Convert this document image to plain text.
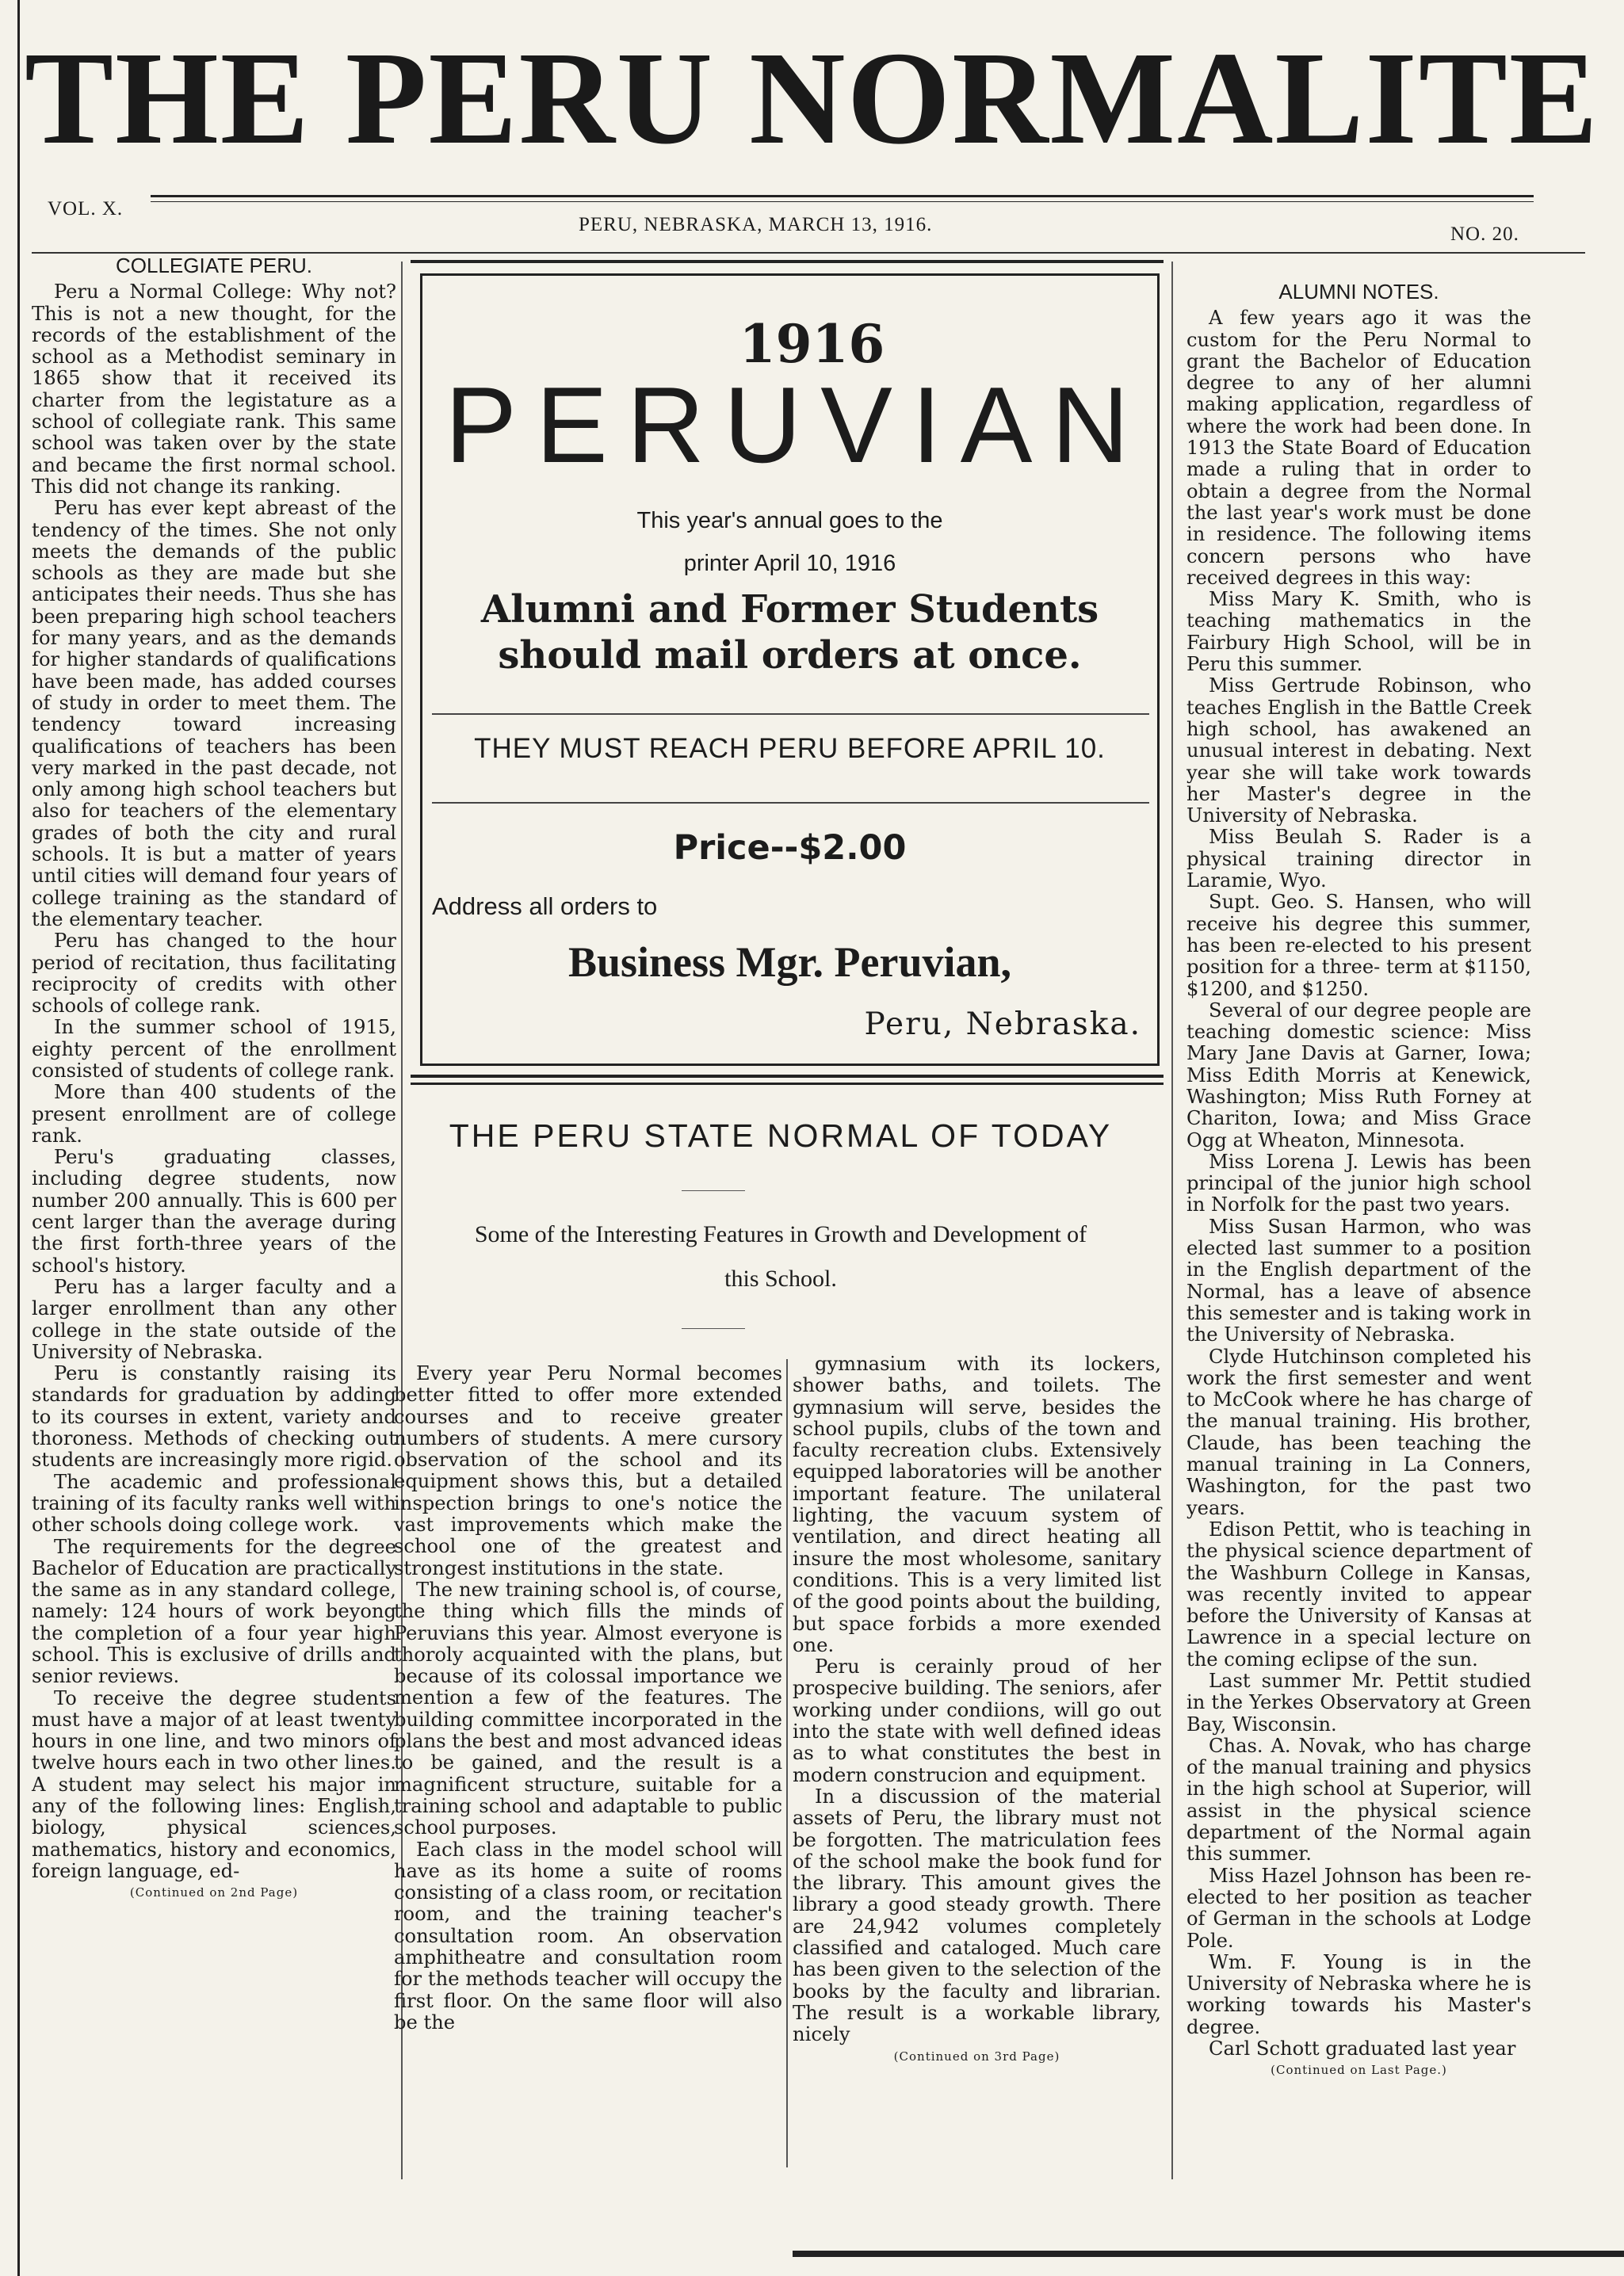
THE PERU NORMALITE
VOL. X.
PERU, NEBRASKA, MARCH 13, 1916.	NO. 20.
COLLEGIATE PERU.

Peru a Normal College: Why not? This is not a new thought, for the records of the establishment of the school as a Methodist seminary in 1865 show that it received its charter from the legistature as a school of collegiate rank. This same school was taken over by the state and became the first normal school. This did not change its ranking.

Peru has ever kept abreast of the tendency of the times. She not only meets the demands of the public schools as they are made but she anticipates their needs. Thus she has been preparing high school teachers for many years, and as the demands for higher standards of qualifications have been made, has added courses of study in order to meet them. The tendency toward increasing qualifications of teachers has been very marked in the past decade, not only among high school teachers but also for teachers of the elementary grades of both the city and rural schools. It is but a matter of years until cities will demand four years of college training as the standard of the elementary teacher.

Peru has changed to the hour period of recitation, thus facilitating reciprocity of credits with other schools of college rank.

In the summer school of 1915, eighty percent of the enrollment consisted of students of college rank.

More than 400 students of the present enrollment are of college rank.

Peru's graduating classes, including degree students, now number 200 annually. This is 600 per cent larger than the average during the first forth-three years of the school's history.

Peru has a larger faculty and a larger enrollment than any other college in the state outside of the University of Nebraska.

Peru is constantly raising its standards for graduation by adding to its courses in extent, variety and thoroness. Methods of checking out students are increasingly more rigid.

The academic and professional training of its faculty ranks well with other schools doing college work.

The requirements for the degree Bachelor of Education are practically the same as in any standard college, namely: 124 hours of work beyong the completion of a four year high school. This is exclusive of drills and senior reviews.

To receive the degree students must have a major of at least twenty hours in one line, and two minors of twelve hours each in two other lines. A student may select his major in any of the following lines: English, biology, physical sciences, mathematics, history and economics, foreign language, ed-

(Continued on 2nd Page)

1916
PERUVIAN
This year's annual goes to the
printer April 10, 1916
Alumni and Former Students
should mail orders at once.
THEY MUST REACH PERU BEFORE APRIL 10.
Price--$2.00
Address all orders to
Business Mgr. Peruvian,
Peru, Nebraska.
THE PERU STATE NORMAL OF TODAY
Some of the Interesting Features in Growth and Development of
this School.

Every year Peru Normal becomes better fitted to offer more extended courses and to receive greater numbers of students. A mere cursory observation of the school and its equipment shows this, but a detailed inspection brings to one's notice the vast improvements which make the school one of the greatest and strongest institutions in the state.

The new training school is, of course, the thing which fills the minds of Peruvians this year. Almost everyone is thoroly acquainted with the plans, but because of its colossal importance we mention a few of the features. The building committee incorporated in the plans the best and most advanced ideas to be gained, and the result is a magnificent structure, suitable for a training school and adaptable to public school purposes.

Each class in the model school will have as its home a suite of rooms consisting of a class room, or recitation room, and the training teacher's consultation room. An observation amphitheatre and consultation room for the methods teacher will occupy the first floor. On the same floor will also be the

gymnasium with its lockers, shower baths, and toilets. The gymnasium will serve, besides the school pupils, clubs of the town and faculty recreation clubs. Extensively equipped laboratories will be another important feature. The unilateral lighting, the vacuum system of ventilation, and direct heating all insure the most wholesome, sanitary conditions. This is a very limited list of the good points about the building, but space forbids a more exended one.

Peru is cerainly proud of her prospecive building. The seniors, afer working under condiions, will go out into the state with well defined ideas as to what constitutes the best in modern construcion and equipment.

In a discussion of the material assets of Peru, the library must not be forgotten. The matriculation fees of the school make the book fund for the library. This amount gives the library a good steady growth. There are 24,942 volumes completely classified and cataloged. Much care has been given to the selection of the books by the faculty and librarian. The result is a workable library, nicely

(Continued on 3rd Page)

ALUMNI NOTES.

A few years ago it was the custom for the Peru Normal to grant the Bachelor of Education degree to any of her alumni making application, regardless of where the work had been done. In 1913 the State Board of Education made a ruling that in order to obtain a degree from the Normal the last year's work must be done in residence. The following items concern persons who have received degrees in this way:

Miss Mary K. Smith, who is teaching mathematics in the Fairbury High School, will be in Peru this summer.

Miss Gertrude Robinson, who teaches English in the Battle Creek high school, has awakened an unusual interest in debating. Next year she will take work towards her Master's degree in the University of Nebraska.

Miss Beulah S. Rader is a physical training director in Laramie, Wyo.

Supt. Geo. S. Hansen, who will receive his degree this summer, has been re-elected to his present position for a three- term at $1150, $1200, and $1250.

Several of our degree people are teaching domestic science: Miss Mary Jane Davis at Garner, Iowa; Miss Edith Morris at Kenewick, Washington; Miss Ruth Forney at Chariton, Iowa; and Miss Grace Ogg at Wheaton, Minnesota.

Miss Lorena J. Lewis has been principal of the junior high school in Norfolk for the past two years.

Miss Susan Harmon, who was elected last summer to a position in the English department of the Normal, has a leave of absence this semester and is taking work in the University of Nebraska.

Clyde Hutchinson completed his work the first semester and went to McCook where he has charge of the manual training. His brother, Claude, has been teaching the manual training in La Conners, Washington, for the past two years.

Edison Pettit, who is teaching in the physical science department of the Washburn College in Kansas, was recently invited to appear before the University of Kansas at Lawrence in a special lecture on the coming eclipse of the sun.

Last summer Mr. Pettit studied in the Yerkes Observatory at Green Bay, Wisconsin.

Chas. A. Novak, who has charge of the manual training and physics in the high school at Superior, will assist in the physical science department of the Normal again this summer.

Miss Hazel Johnson has been re-elected to her position as teacher of German in the schools at Lodge Pole.

Wm. F. Young is in the University of Nebraska where he is working towards his Master's degree.

Carl Schott graduated last year

(Continued on Last Page.)
